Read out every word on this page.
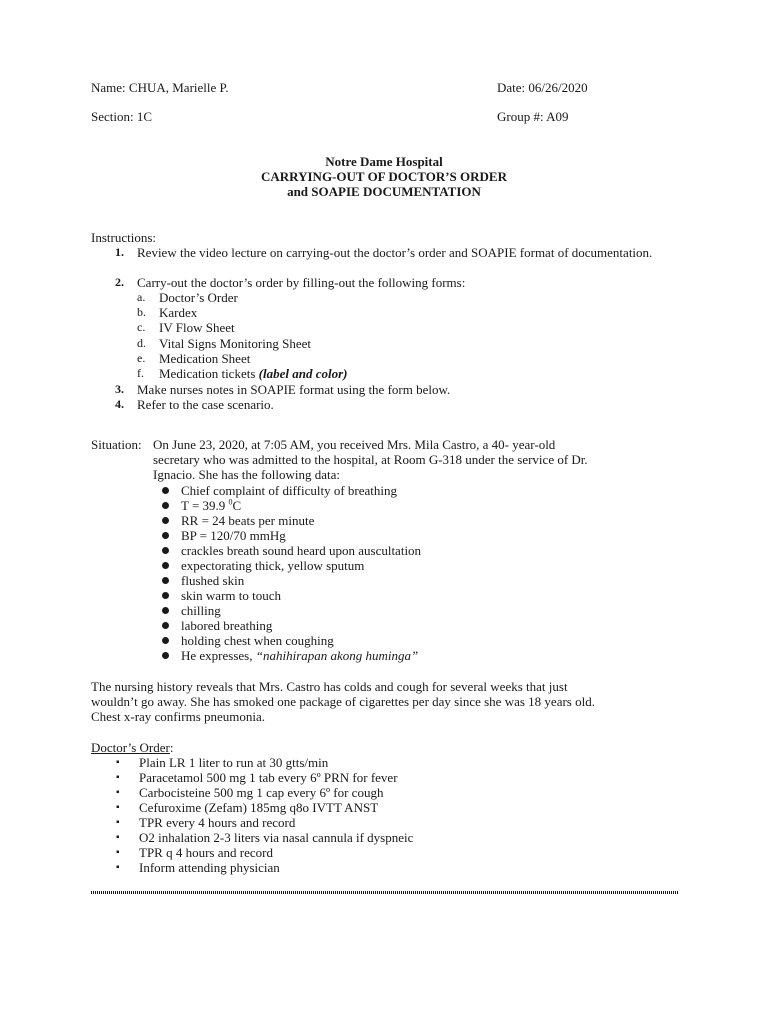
Name: CHUA, Marielle P.	Date: 06/26/2020
Section: 1C	Group #: A09
Notre Dame Hospital
CARRYING-OUT OF DOCTOR’S ORDER
and SOAPIE DOCUMENTATION
Instructions:
1. Review the video lecture on carrying-out the doctor’s order and SOAPIE format of documentation.
2. Carry-out the doctor’s order by filling-out the following forms:
a. Doctor’s Order
b. Kardex
c. IV Flow Sheet
d. Vital Signs Monitoring Sheet
e. Medication Sheet
f. Medication tickets (label and color)
3. Make nurses notes in SOAPIE format using the form below.
4. Refer to the case scenario.
Situation: On June 23, 2020, at 7:05 AM, you received Mrs. Mila Castro, a 40- year-old
secretary who was admitted to the hospital, at Room G-318 under the service of Dr.
Ignacio. She has the following data:
Chief complaint of difficulty of breathing
T = 39.9 $^0$C
RR = 24 beats per minute
BP = 120/70 mmHg
crackles breath sound heard upon auscultation
expectorating thick, yellow sputum
flushed skin
skin warm to touch
chilling
labored breathing
holding chest when coughing
He expresses, “nahihirapan akong huminga”
The nursing history reveals that Mrs. Castro has colds and cough for several weeks that just
wouldn’t go away. She has smoked one package of cigarettes per day since she was 18 years old.
Chest x-ray confirms pneumonia.
Doctor’s Order:
▪ Plain LR 1 liter to run at 30 gtts/min
▪ Paracetamol 500 mg 1 tab every 6º PRN for fever
▪ Carbocisteine 500 mg 1 cap every 6º for cough
▪ Cefuroxime (Zefam) 185mg q8o IVTT ANST
▪ TPR every 4 hours and record
▪ O2 inhalation 2-3 liters via nasal cannula if dyspneic
▪ TPR q 4 hours and record
▪ Inform attending physician
